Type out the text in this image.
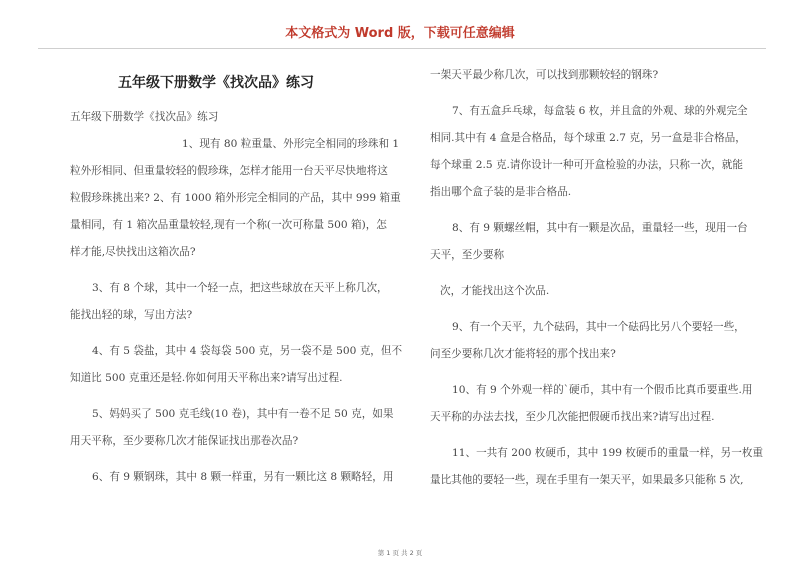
本文格式为 Word 版，下载可任意编辑
五年级下册数学《找次品》练习
五年级下册数学《找次品》练习
1、现有 80 粒重量、外形完全相同的珍珠和 1
粒外形相同、但重量较轻的假珍珠，怎样才能用一台天平尽快地将这
粒假珍珠挑出来? 2、有 1000 箱外形完全相同的产品，其中 999 箱重
量相同，有 1 箱次品重量较轻,现有一个称(一次可称量 500 箱)，怎
样才能,尽快找出这箱次品?
3、有 8 个球，其中一个轻一点，把这些球放在天平上称几次，
能找出轻的球，写出方法?
4、有 5 袋盐，其中 4 袋每袋 500 克，另一袋不是 500 克，但不
知道比 500 克重还是轻.你如何用天平称出来?请写出过程.
5、妈妈买了 500 克毛线(10 卷)，其中有一卷不足 50 克，如果
用天平称，至少要称几次才能保证找出那卷次品?
6、有 9 颗钢珠，其中 8 颗一样重，另有一颗比这 8 颗略轻，用
一架天平最少称几次，可以找到那颗较轻的钢珠?
7、有五盒乒乓球，每盒装 6 枚，并且盒的外观、球的外观完全
相同.其中有 4 盒是合格品，每个球重 2.7 克，另一盒是非合格品，
每个球重 2.5 克.请你设计一种可开盒检验的办法，只称一次，就能
指出哪个盒子装的是非合格品.
8、有 9 颗螺丝帽，其中有一颗是次品，重量轻一些，现用一台
天平，至少要称
次，才能找出这个次品.
9、有一个天平，九个砝码，其中一个砝码比另八个要轻一些，
问至少要称几次才能将轻的那个找出来?
10、有 9 个外观一样的`硬币，其中有一个假币比真币要重些.用
天平称的办法去找，至少几次能把假硬币找出来?请写出过程.
11、一共有 200 枚硬币，其中 199 枚硬币的重量一样，另一枚重
量比其他的要轻一些，现在手里有一架天平，如果最多只能称 5 次,
第 1 页 共 2 页
